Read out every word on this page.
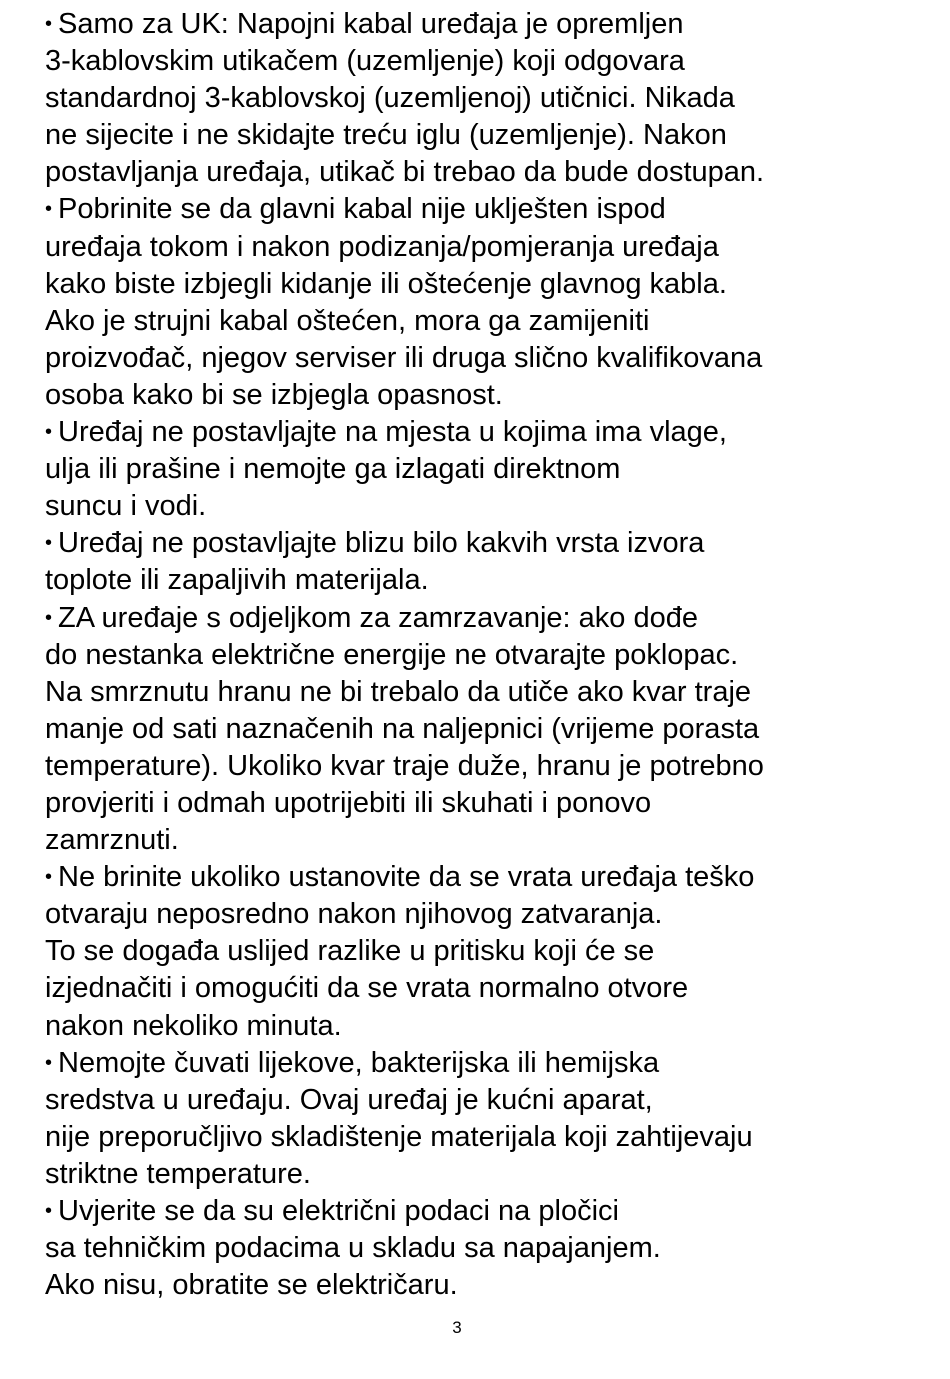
• Samo za UK: Napojni kabal uređaja je opremljen
3-kablovskim utikačem (uzemljenje) koji odgovara
standardnoj 3-kablovskoj (uzemljenoj) utičnici. Nikada
ne sijecite i ne skidajte treću iglu (uzemljenje). Nakon
postavljanja uređaja, utikač bi trebao da bude dostupan.
• Pobrinite se da glavni kabal nije uklješten ispod
uređaja tokom i nakon podizanja/pomjeranja uređaja
kako biste izbjegli kidanje ili oštećenje glavnog kabla.
Ako je strujni kabal oštećen, mora ga zamijeniti
proizvođač, njegov serviser ili druga slično kvalifikovana
osoba kako bi se izbjegla opasnost.
• Uređaj ne postavljajte na mjesta u kojima ima vlage,
ulja ili prašine i nemojte ga izlagati direktnom
suncu i vodi.
• Uređaj ne postavljajte blizu bilo kakvih vrsta izvora
toplote ili zapaljivih materijala.
• ZA uređaje s odjeljkom za zamrzavanje: ako dođe
do nestanka električne energije ne otvarajte poklopac.
Na smrznutu hranu ne bi trebalo da utiče ako kvar traje
manje od sati naznačenih na naljepnici (vrijeme porasta
temperature). Ukoliko kvar traje duže, hranu je potrebno
provjeriti i odmah upotrijebiti ili skuhati i ponovo
zamrznuti.
• Ne brinite ukoliko ustanovite da se vrata uređaja teško
otvaraju neposredno nakon njihovog zatvaranja.
To se događa uslijed razlike u pritisku koji će se
izjednačiti i omogućiti da se vrata normalno otvore
nakon nekoliko minuta.
• Nemojte čuvati lijekove, bakterijska ili hemijska
sredstva u uređaju. Ovaj uređaj je kućni aparat,
nije preporučljivo skladištenje materijala koji zahtijevaju
striktne temperature.
• Uvjerite se da su električni podaci na pločici
sa tehničkim podacima u skladu sa napajanjem.
Ako nisu, obratite se električaru.
3
